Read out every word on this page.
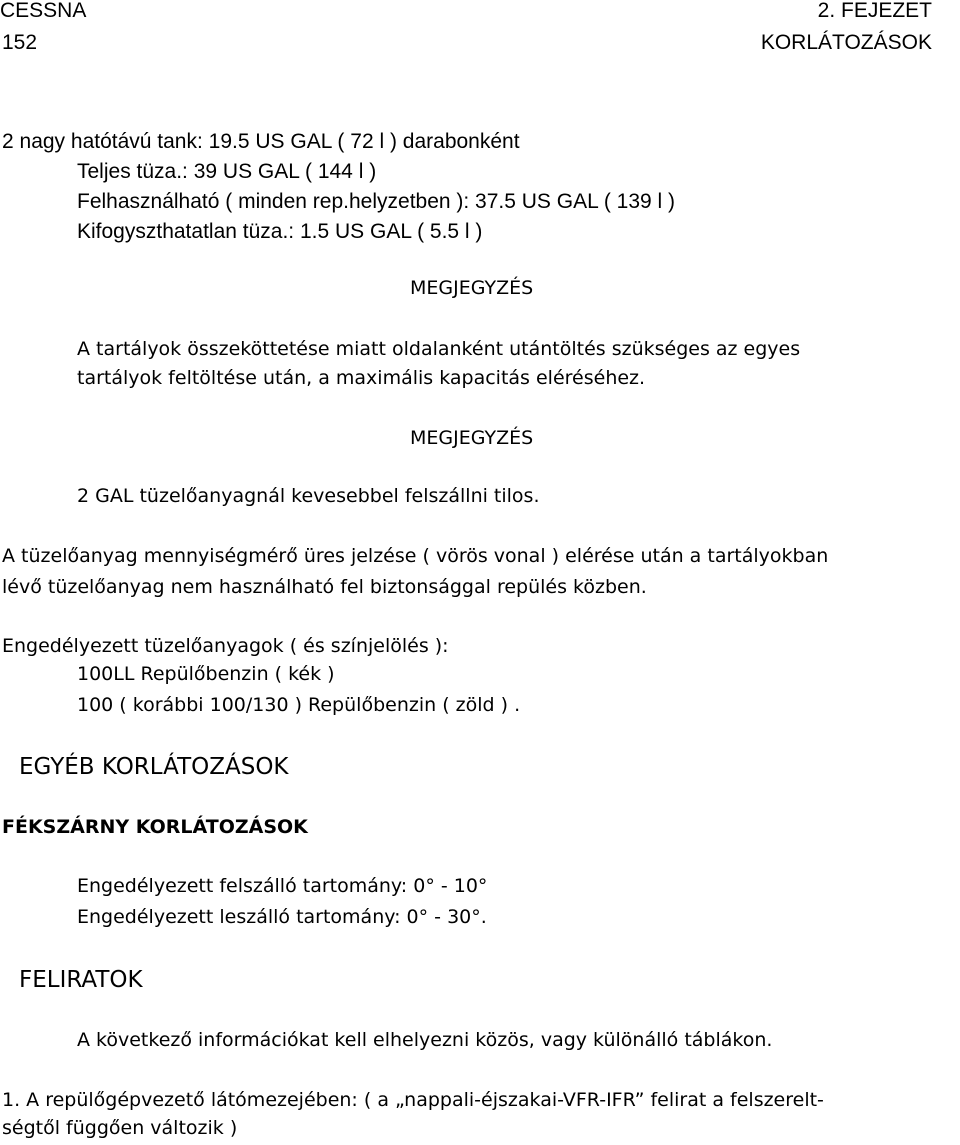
CESSNA

152

2. FEJEZET

KORLÁTOZÁSOK

2 nagy hatótávú tank: 19.5 US GAL ( 72 l ) darabonként

Teljes tüza.: 39 US GAL ( 144 l )

Felhasználható ( minden rep.helyzetben ): 37.5 US GAL ( 139 l )

Kifogyszthatatlan tüza.: 1.5 US GAL ( 5.5 l )

MEGJEGYZÉS

A tartályok összeköttetése miatt oldalanként utántöltés szükséges az egyes

tartályok feltöltése után, a maximális kapacitás eléréséhez.

MEGJEGYZÉS

2 GAL tüzelőanyagnál kevesebbel felszállni tilos.

A tüzelőanyag mennyiségmérő üres jelzése ( vörös vonal ) elérése után a tartályokban

lévő tüzelőanyag nem használható fel biztonsággal repülés közben.

Engedélyezett tüzelőanyagok ( és színjelölés ):

100LL Repülőbenzin ( kék )

100 ( korábbi 100/130 ) Repülőbenzin ( zöld ) .

EGYÉB KORLÁTOZÁSOK

FÉKSZÁRNY KORLÁTOZÁSOK

Engedélyezett felszálló tartomány: 0° - 10°

Engedélyezett leszálló tartomány: 0° - 30°.

FELIRATOK

A következő információkat kell elhelyezni közös, vagy különálló táblákon.

1. A repülőgépvezető látómezejében: ( a „nappali-éjszakai-VFR-IFR” felirat a felszerelt-

ségtől függően változik )
